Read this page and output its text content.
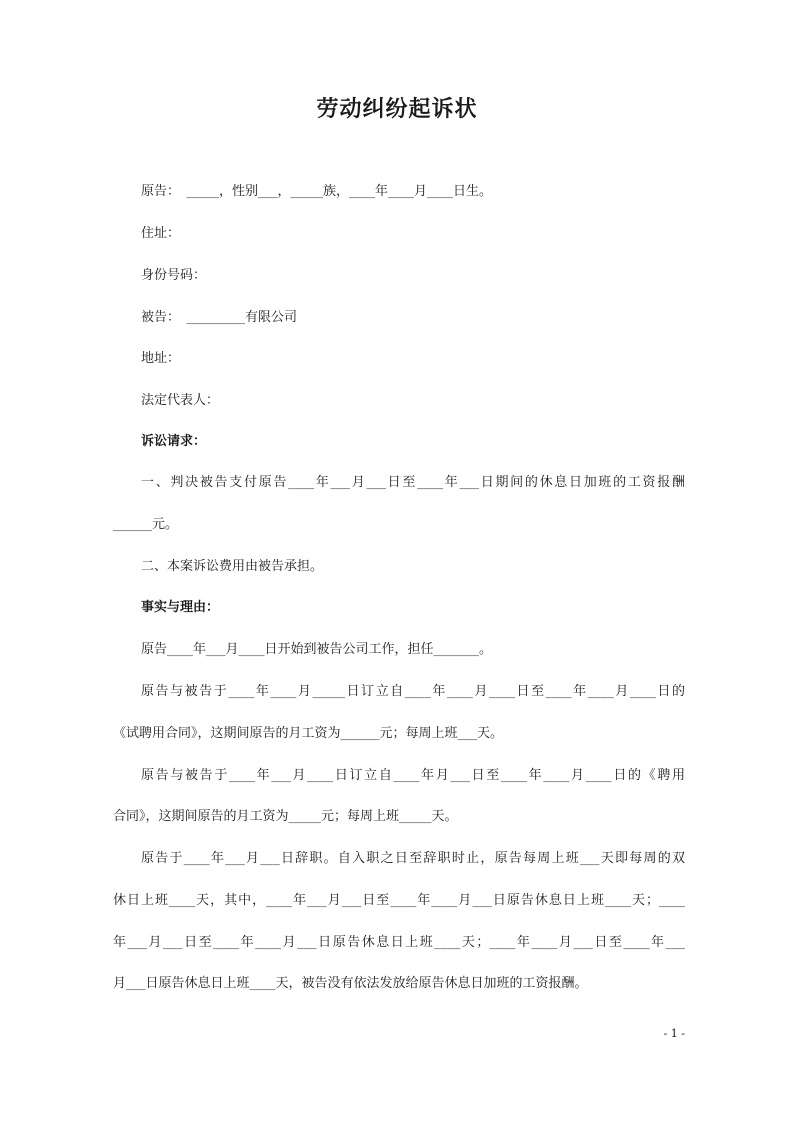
劳动纠纷起诉状
原告：　_____，性别___，_____族，____年____月____日生。
住址：
身份号码：
被告：　_________有限公司
地址：
法定代表人：
诉讼请求：
一、判决被告支付原告____年___月___日至____年___日期间的休息日加班的工资报酬
______元。
二、本案诉讼费用由被告承担。
事实与理由：
原告____年___月____日开始到被告公司工作，担任_______。
原告与被告于____年____月_____日订立自____年____月____日至____年____月____日的
《试聘用合同》，这期间原告的月工资为______元；每周上班___天。
原告与被告于____年___月____日订立自____年月___日至____年____月____日的《聘用
合同》，这期间原告的月工资为_____元；每周上班_____天。
原告于____年___月___日辞职。自入职之日至辞职时止，原告每周上班___天即每周的双
休日上班____天，其中，____年___月___日至____年____月___日原告休息日上班____天；____
年___月___日至____年____月___日原告休息日上班____天；____年____月___日至____年___
月___日原告休息日上班____天，被告没有依法发放给原告休息日加班的工资报酬。
- 1 -
